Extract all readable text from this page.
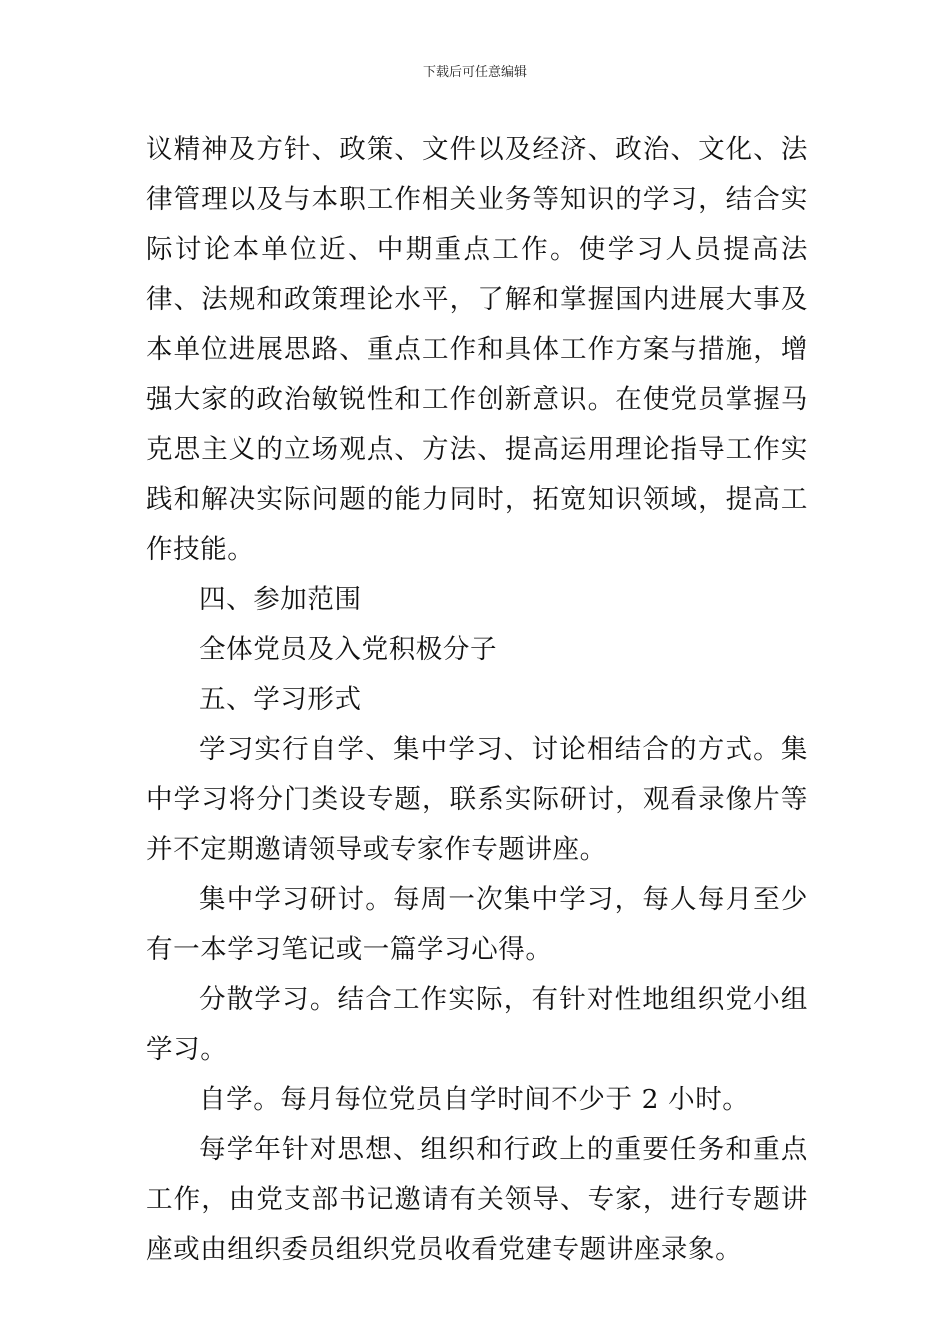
下载后可任意编辑

议精神及方针、政策、文件以及经济、政治、文化、法律管理以及与本职工作相关业务等知识的学习，结合实际讨论本单位近、中期重点工作。使学习人员提高法律、法规和政策理论水平，了解和掌握国内进展大事及本单位进展思路、重点工作和具体工作方案与措施，增强大家的政治敏锐性和工作创新意识。在使党员掌握马克思主义的立场观点、方法、提高运用理论指导工作实践和解决实际问题的能力同时，拓宽知识领域，提高工作技能。

四、参加范围

全体党员及入党积极分子

五、学习形式

学习实行自学、集中学习、讨论相结合的方式。集中学习将分门类设专题，联系实际研讨，观看录像片等并不定期邀请领导或专家作专题讲座。

集中学习研讨。每周一次集中学习，每人每月至少有一本学习笔记或一篇学习心得。

分散学习。结合工作实际，有针对性地组织党小组学习。

自学。每月每位党员自学时间不少于 2 小时。

每学年针对思想、组织和行政上的重要任务和重点工作，由党支部书记邀请有关领导、专家，进行专题讲座或由组织委员组织党员收看党建专题讲座录象。
